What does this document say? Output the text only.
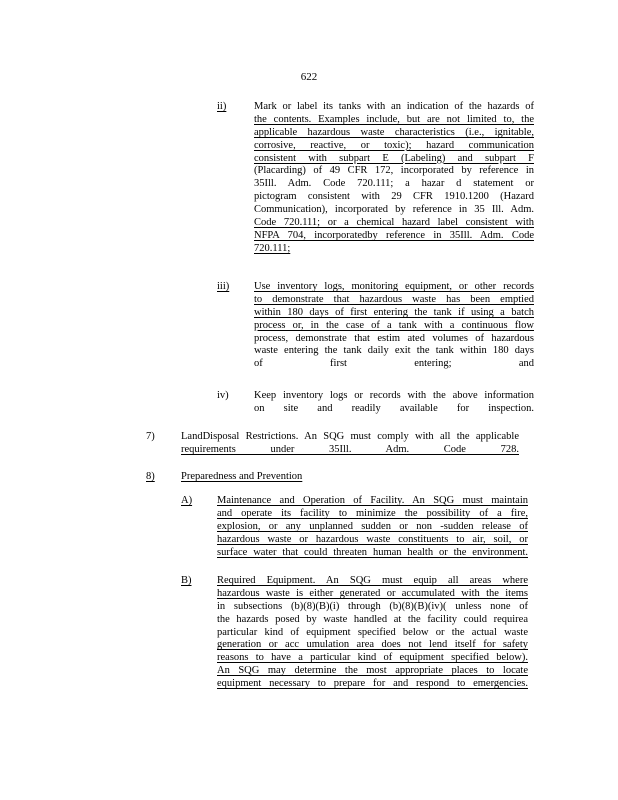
622
ii)	Mark or label its tanks with an indication of the hazards of
the contents. Examples include, but are not limited to, the
applicable hazardous waste characteristics (i.e., ignitable,
corrosive, reactive, or toxic); hazard communication
consistent with subpart E (Labeling) and subpart F
(Placarding) of 49 CFR 172, incorporated by reference in
35Ill. Adm. Code 720.111; a hazar d statement or
pictogram consistent with 29 CFR 1910.1200 (Hazard
Communication), incorporated by reference in 35 Ill. Adm.
Code 720.111; or a chemical hazard label consistent with
NFPA 704, incorporatedby reference in 35Ill. Adm. Code
720.111;
iii) Use inventory logs, monitoring equipment, or other records
to demonstrate that hazardous waste has been emptied
within 180 days of first entering the tank if using a batch
process or, in the case of a tank with a continuous flow
process, demonstrate that estim ated volumes of hazardous
waste entering the tank daily exit the tank within 180 days
of first entering; and
iv) Keep inventory logs or records with the above information
on site and readily available for inspection.
7)	LandDisposal Restrictions. An SQG must comply with all the applicable
requirements under 35Ill. Adm. Code 728.
8)	Preparedness and Prevention
A) Maintenance and Operation of Facility. An SQG must maintain
and operate its facility to minimize the possibility of a fire,
explosion, or any unplanned sudden or non -sudden release of
hazardous waste or hazardous waste constituents to air, soil, or
surface water that could threaten human health or the environment.
B) Required Equipment. An SQG must equip all areas where
hazardous waste is either generated or accumulated with the items
in subsections (b)(8)(B)(i) through (b)(8)(B)(iv)( unless none of
the hazards posed by waste handled at the facility could requirea
particular kind of equipment specified below or the actual waste
generation or acc umulation area does not lend itself for safety
reasons to have a particular kind of equipment specified below).
An SQG may determine the most appropriate places to locate
equipment necessary to prepare for and respond to emergencies.
